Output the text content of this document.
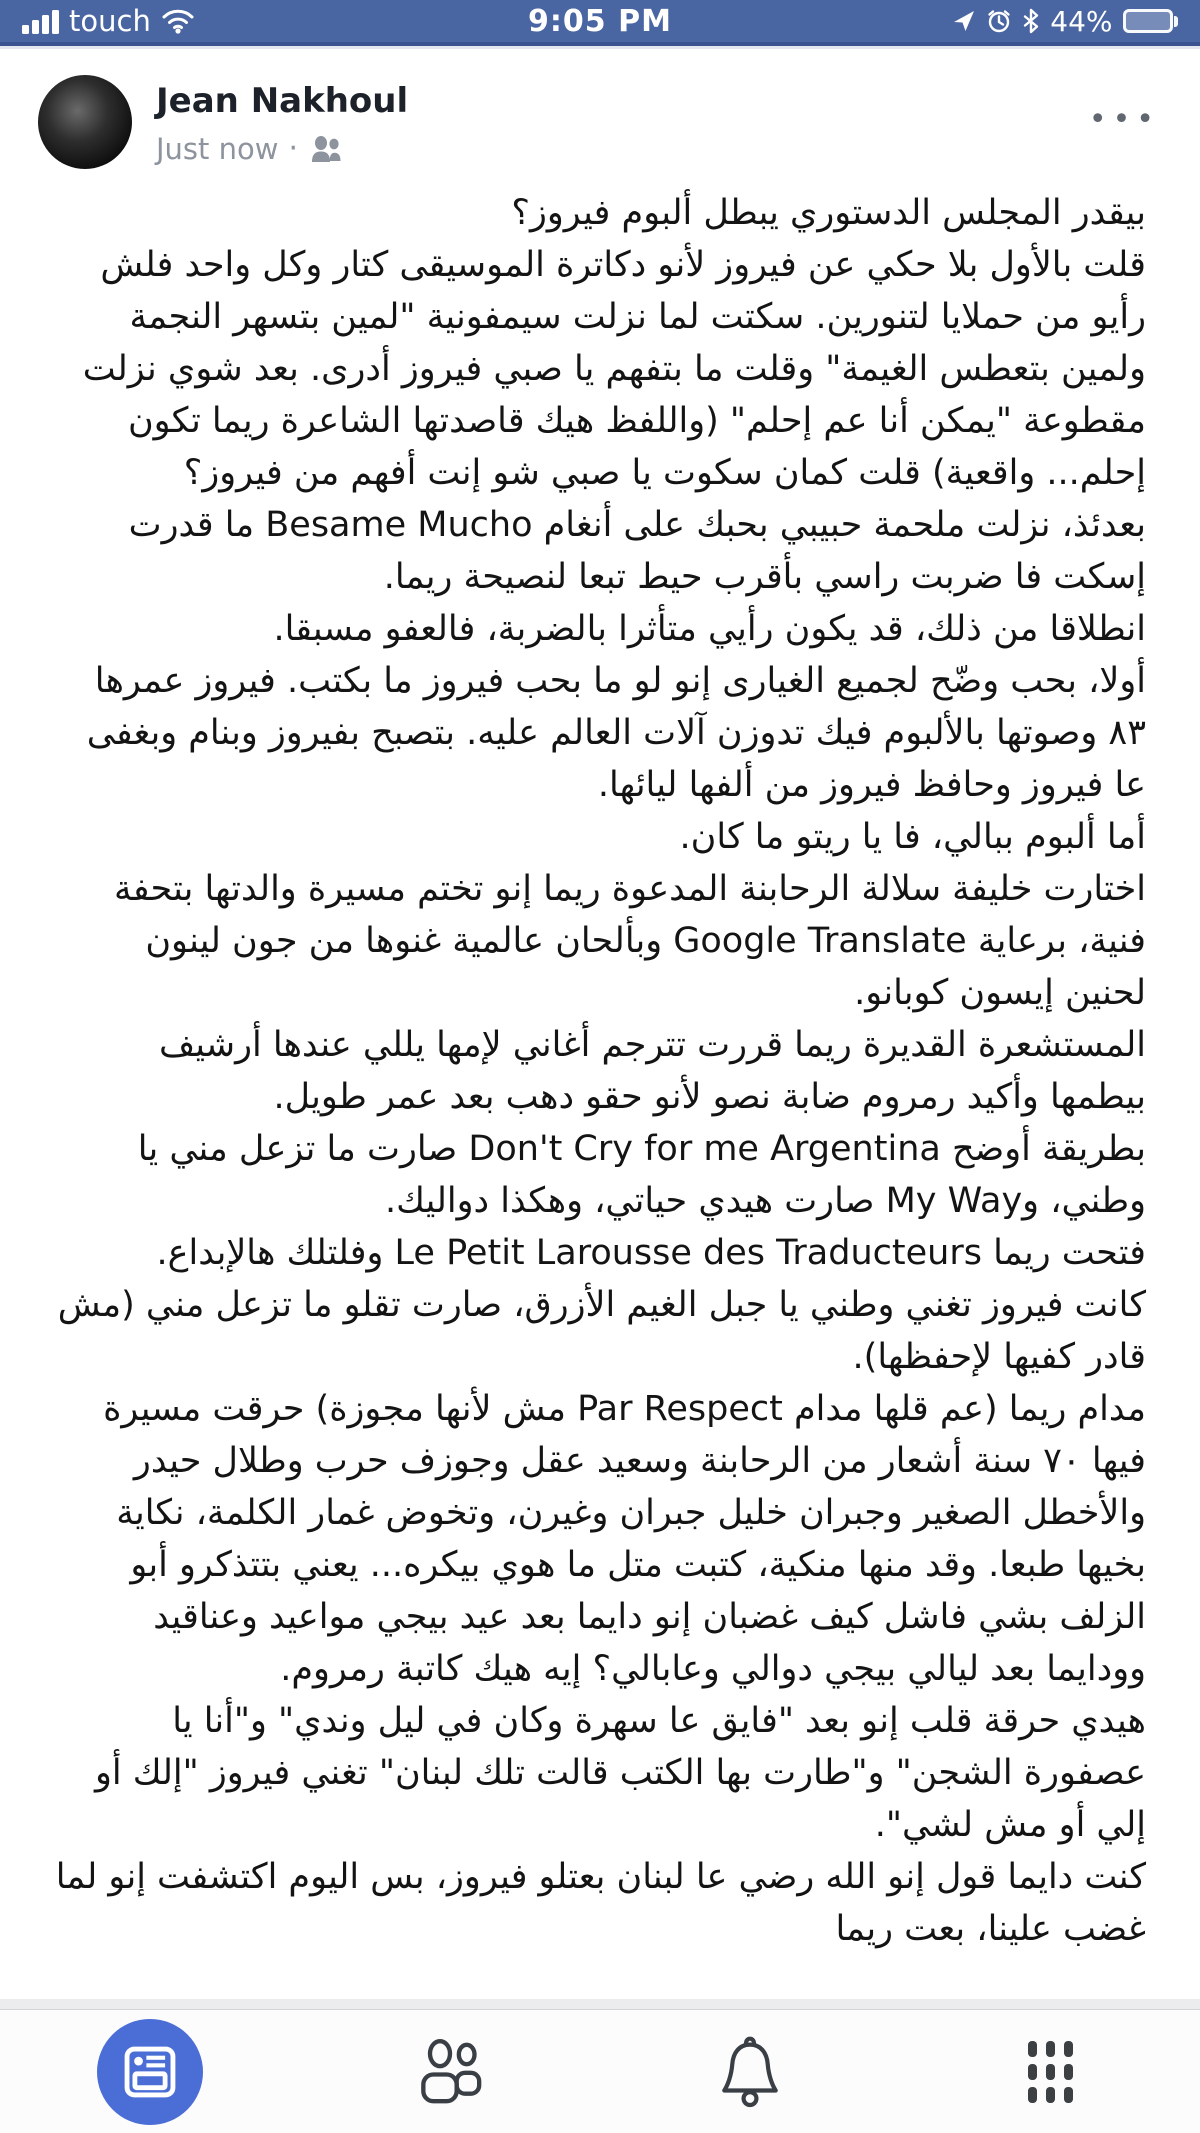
touch	9:05 PM	44%
Jean Nakhoul
Just now ·
•••

بيقدر المجلس الدستوري يبطل ألبوم فيروز؟

قلت بالأول بلا حكي عن فيروز لأنو دكاترة الموسيقى كتار وكل واحد فلش رأيو من حملايا لتنورين. سكتت لما نزلت سيمفونية "لمين بتسهر النجمة ولمين بتعطس الغيمة" وقلت ما بتفهم يا صبي فيروز أدرى. بعد شوي نزلت مقطوعة "يمكن أنا عم إحلم" (واللفظ هيك قاصدتها الشاعرة ريما تكون إحلم... واقعية) قلت كمان سكوت يا صبي شو إنت أفهم من فيروز؟

بعدئذ، نزلت ملحمة حبيبي بحبك على أنغام Besame Mucho ما قدرت إسكت فا ضربت راسي بأقرب حيط تبعا لنصيحة ريما.

انطلاقا من ذلك، قد يكون رأيي متأثرا بالضربة، فالعفو مسبقا.

أولا، بحب وضّح لجميع الغيارى إنو لو ما بحب فيروز ما بكتب. فيروز عمرها ٨٣ وصوتها بالألبوم فيك تدوزن آلات العالم عليه. بتصبح بفيروز وبنام وبغفى عا فيروز وحافظ فيروز من ألفها ليائها.

أما ألبوم ببالي، فا يا ريتو ما كان.

اختارت خليفة سلالة الرحابنة المدعوة ريما إنو تختم مسيرة والدتها بتحفة فنية، برعاية Google Translate وبألحان عالمية غنوها من جون لينون لحنين إيسون كوبانو.

المستشعرة القديرة ريما قررت تترجم أغاني لإمها يللي عندها أرشيف بيطمها وأكيد رمروم ضابة نصو لأنو حقو دهب بعد عمر طويل.

بطريقة أوضح Don't Cry for me Argentina صارت ما تزعل مني يا وطني، وMy Way صارت هيدي حياتي، وهكذا دواليك.

فتحت ريما Le Petit Larousse des Traducteurs وفلتلك هالإبداع.

كانت فيروز تغني وطني يا جبل الغيم الأزرق، صارت تقلو ما تزعل مني (مش قادر كفيها لإحفظها).

مدام ريما (عم قلها مدام Par Respect مش لأنها مجوزة) حرقت مسيرة فيها ٧٠ سنة أشعار من الرحابنة وسعيد عقل وجوزف حرب وطلال حيدر والأخطل الصغير وجبران خليل جبران وغيرن، وتخوض غمار الكلمة، نكاية بخيها طبعا. وقد منها منكية، كتبت متل ما هوي بيكره... يعني بتتذكرو أبو الزلف بشي فاشل كيف غضبان إنو دايما بعد عيد بيجي مواعيد وعناقيد وودايما بعد ليالي بيجي دوالي وعابالي؟ إيه هيك كاتبة رمروم.

هيدي حرقة قلب إنو بعد "فايق عا سهرة وكان في ليل وندي" و"أنا يا عصفورة الشجن" و"طارت بها الكتب قالت تلك لبنان" تغني فيروز "إلك أو إلي أو مش لشي".

كنت دايما قول إنو الله رضي عا لبنان بعتلو فيروز، بس اليوم اكتشفت إنو لما غضب علينا، بعت ريما
